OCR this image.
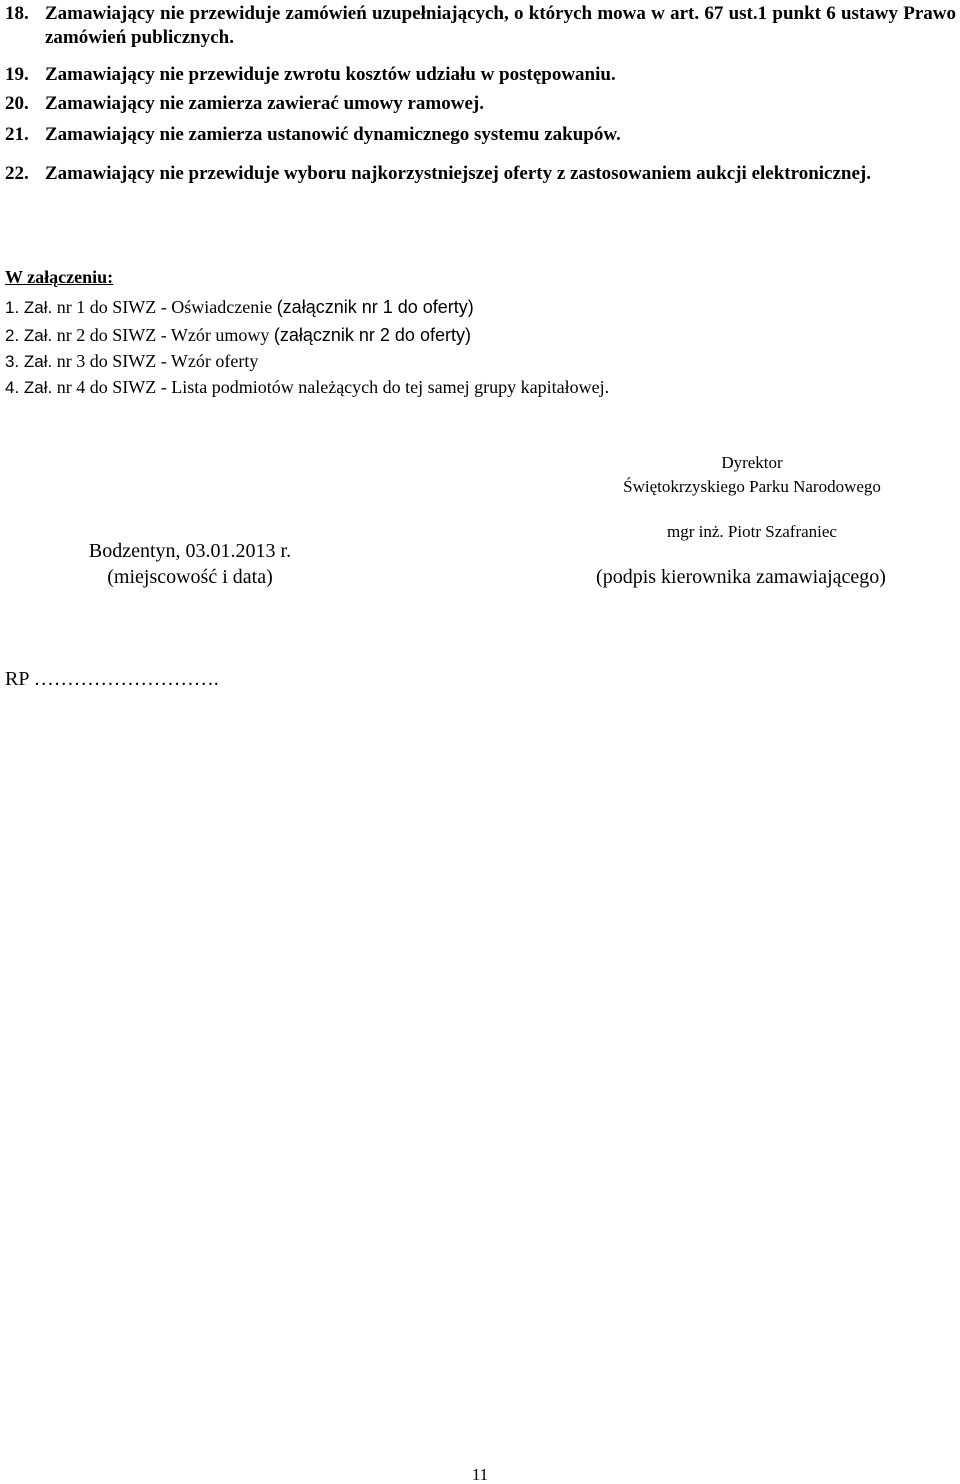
18. Zamawiający nie przewiduje zamówień uzupełniających, o których mowa w art. 67 ust.1 punkt 6 ustawy Prawo zamówień publicznych.
19. Zamawiający nie przewiduje zwrotu kosztów udziału w postępowaniu.
20. Zamawiający nie zamierza zawierać umowy ramowej.
21. Zamawiający nie zamierza ustanowić dynamicznego systemu zakupów.
22. Zamawiający nie przewiduje wyboru najkorzystniejszej oferty z zastosowaniem aukcji elektronicznej.
W załączeniu:
1. Zał. nr 1 do SIWZ - Oświadczenie (załącznik nr 1 do oferty)
2. Zał. nr 2 do SIWZ - Wzór umowy (załącznik nr 2 do oferty)
3. Zał. nr 3 do SIWZ - Wzór oferty
4. Zał. nr 4 do SIWZ - Lista podmiotów należących do tej samej grupy kapitałowej.
Dyrektor
Świętokrzyskiego Parku Narodowego
mgr inż. Piotr Szafraniec
(podpis kierownika zamawiającego)
Bodzentyn, 03.01.2013 r.
(miejscowość i data)
RP ……………………….
11
